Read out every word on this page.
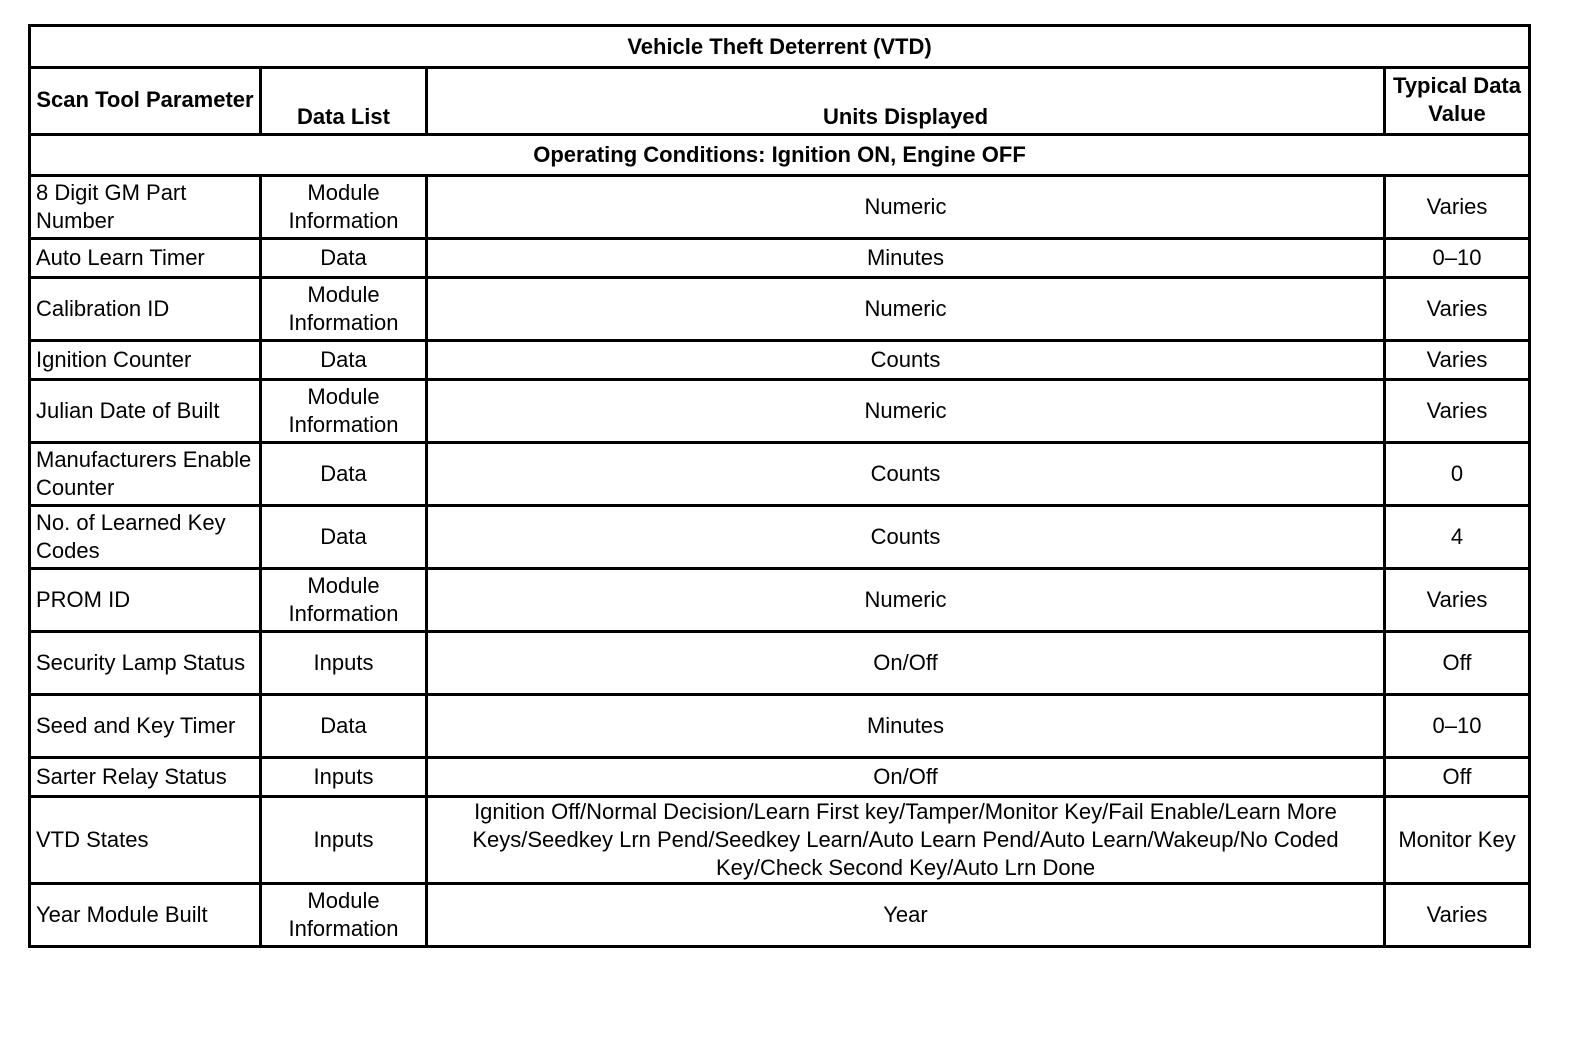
Vehicle Theft Deterrent (VTD)			
Scan Tool Parameter	Data List	Units Displayed	Typical Data Value
Operating Conditions: Ignition ON, Engine OFF			
8 Digit GM Part Number	Module Information	Numeric	Varies
Auto Learn Timer	Data	Minutes	0–10
Calibration ID	Module Information	Numeric	Varies
Ignition Counter	Data	Counts	Varies
Julian Date of Built	Module Information	Numeric	Varies
Manufacturers Enable Counter	Data	Counts	0
No. of Learned Key Codes	Data	Counts	4
PROM ID	Module Information	Numeric	Varies
Security Lamp Status	Inputs	On/Off	Off
Seed and Key Timer	Data	Minutes	0–10
Sarter Relay Status	Inputs	On/Off	Off
VTD States	Inputs	Ignition Off/Normal Decision/Learn First key/Tamper/Monitor Key/Fail Enable/Learn More Keys/Seedkey Lrn Pend/Seedkey Learn/Auto Learn Pend/Auto Learn/Wakeup/No Coded Key/Check Second Key/Auto Lrn Done	Monitor Key
Year Module Built	Module Information	Year	Varies
